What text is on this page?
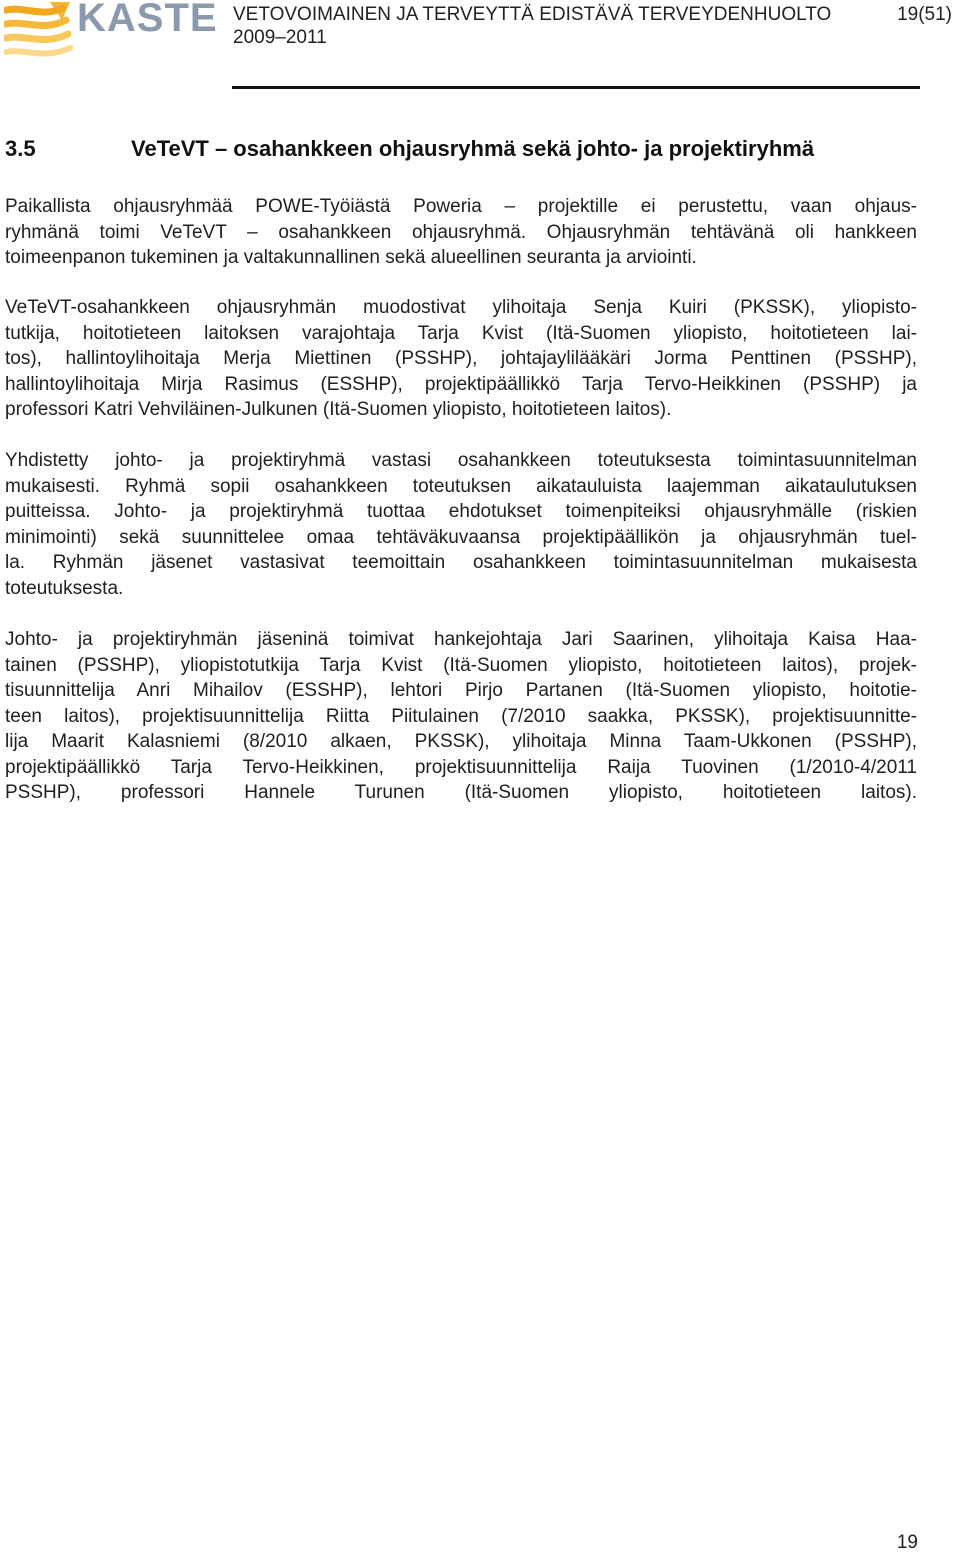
KASTE VETOVOIMAINEN JA TERVEYTTÄ EDISTÄVÄ TERVEYDENHUOLTO
2009–2011
19(51)
3.5	VeTeVT – osahankkeen ohjausryhmä sekä johto- ja projektiryhmä
Paikallista ohjausryhmää POWE-Työiästä Poweria – projektille ei perustettu, vaan ohjaus-
ryhmänä toimi VeTeVT – osahankkeen ohjausryhmä. Ohjausryhmän tehtävänä oli hankkeen
toimeenpanon tukeminen ja valtakunnallinen sekä alueellinen seuranta ja arviointi.
VeTeVT-osahankkeen ohjausryhmän muodostivat ylihoitaja Senja Kuiri (PKSSK), yliopisto-
tutkija, hoitotieteen laitoksen varajohtaja Tarja Kvist (Itä-Suomen yliopisto, hoitotieteen lai-
tos), hallintoylihoitaja Merja Miettinen (PSSHP), johtajaylilääkäri Jorma Penttinen (PSSHP),
hallintoylihoitaja Mirja Rasimus (ESSHP), projektipäällikkö Tarja Tervo-Heikkinen (PSSHP) ja
professori Katri Vehviläinen-Julkunen (Itä-Suomen yliopisto, hoitotieteen laitos).
Yhdistetty johto- ja projektiryhmä vastasi osahankkeen toteutuksesta toimintasuunnitelman
mukaisesti. Ryhmä sopii osahankkeen toteutuksen aikatauluista laajemman aikataulutuksen
puitteissa. Johto- ja projektiryhmä tuottaa ehdotukset toimenpiteiksi ohjausryhmälle (riskien
minimointi) sekä suunnittelee omaa tehtäväkuvaansa projektipäällikön ja ohjausryhmän tuel-
la. Ryhmän jäsenet vastasivat teemoittain osahankkeen toimintasuunnitelman mukaisesta
toteutuksesta.
Johto- ja projektiryhmän jäseninä toimivat hankejohtaja Jari Saarinen, ylihoitaja Kaisa Haa-
tainen (PSSHP), yliopistotutkija Tarja Kvist (Itä-Suomen yliopisto, hoitotieteen laitos), projek-
tisuunnittelija Anri Mihailov (ESSHP), lehtori Pirjo Partanen (Itä-Suomen yliopisto, hoitotie-
teen laitos), projektisuunnittelija Riitta Piitulainen (7/2010 saakka, PKSSK), projektisuunnitte-
lija Maarit Kalasniemi (8/2010 alkaen, PKSSK), ylihoitaja Minna Taam-Ukkonen (PSSHP),
projektipäällikkö Tarja Tervo-Heikkinen, projektisuunnittelija Raija Tuovinen (1/2010-4/2011
PSSHP), professori Hannele Turunen (Itä-Suomen yliopisto, hoitotieteen laitos).
19
